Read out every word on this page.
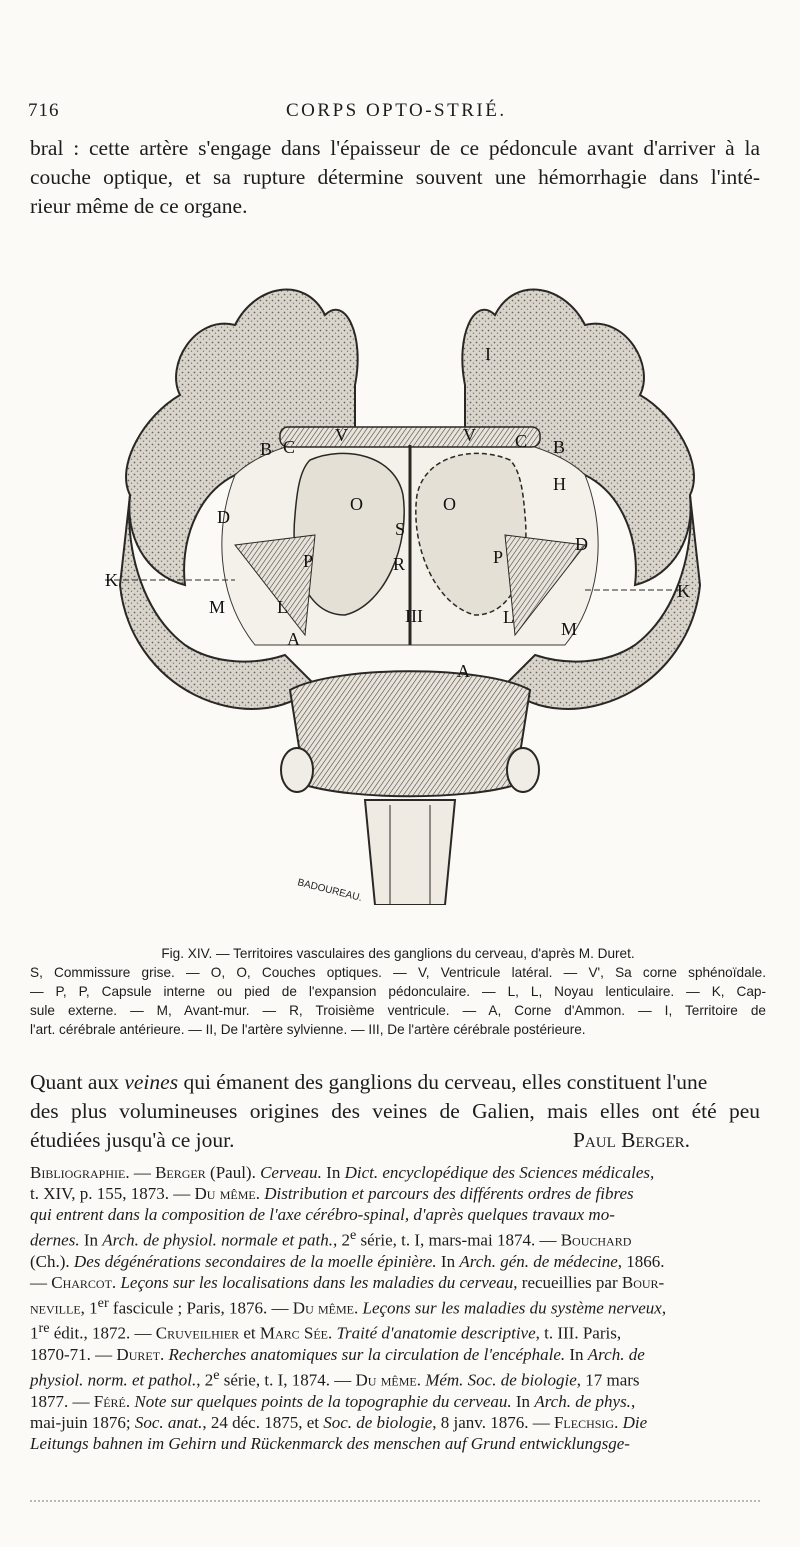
716	CORPS OPTO-STRIÉ.
bral : cette artère s'engage dans l'épaisseur de ce pédoncule avant d'arriver à la
couche optique, et sa rupture détermine souvent une hémorrhagie dans l'inté-
rieur même de ce organe.
B C
V	V C B
I
H
O	O
S
D
D
P	P
R
K
K
M
M
L	L
III
A
A
BADOUREAU.
Fig. XIV. — Territoires vasculaires des ganglions du cerveau, d'après M. Duret.
S, Commissure grise. — O, O, Couches optiques. — V, Ventricule latéral. — V', Sa corne sphénoïdale.
— P, P, Capsule interne ou pied de l'expansion pédonculaire. — L, L, Noyau lenticulaire. — K, Cap-
sule externe. — M, Avant-mur. — R, Troisième ventricule. — A, Corne d'Ammon. — I, Territoire de
l'art. cérébrale antérieure. — II, De l'artère sylvienne. — III, De l'artère cérébrale postérieure.
Quant aux veines qui émanent des ganglions du cerveau, elles constituent l'une
des plus volumineuses origines des veines de Galien, mais elles ont été peu
étudiées jusqu'à ce jour.	Paul Berger.
Bibliographie. — Berger (Paul). Cerveau. In Dict. encyclopédique des Sciences médicales,
t. XIV, p. 155, 1873. — Du même. Distribution et parcours des différents ordres de fibres
qui entrent dans la composition de l'axe cérébro-spinal, d'après quelques travaux mo-
dernes. In Arch. de physiol. normale et path., 2e série, t. I, mars-mai 1874. — Bouchard
(Ch.). Des dégénérations secondaires de la moelle épinière. In Arch. gén. de médecine, 1866.
— Charcot. Leçons sur les localisations dans les maladies du cerveau, recueillies par Bour-
neville, 1er fascicule ; Paris, 1876. — Du même. Leçons sur les maladies du système nerveux,
1re édit., 1872. — Cruveilhier et Marc Sée. Traité d'anatomie descriptive, t. III. Paris,
1870-71. — Duret. Recherches anatomiques sur la circulation de l'encéphale. In Arch. de
physiol. norm. et pathol., 2e série, t. I, 1874. — Du même. Mém. Soc. de biologie, 17 mars
1877. — Féré. Note sur quelques points de la topographie du cerveau. In Arch. de phys.,
mai-juin 1876; Soc. anat., 24 déc. 1875, et Soc. de biologie, 8 janv. 1876. — Flechsig. Die
Leitungs bahnen im Gehirn und Rückenmarck des menschen auf Grund entwicklungsge-
